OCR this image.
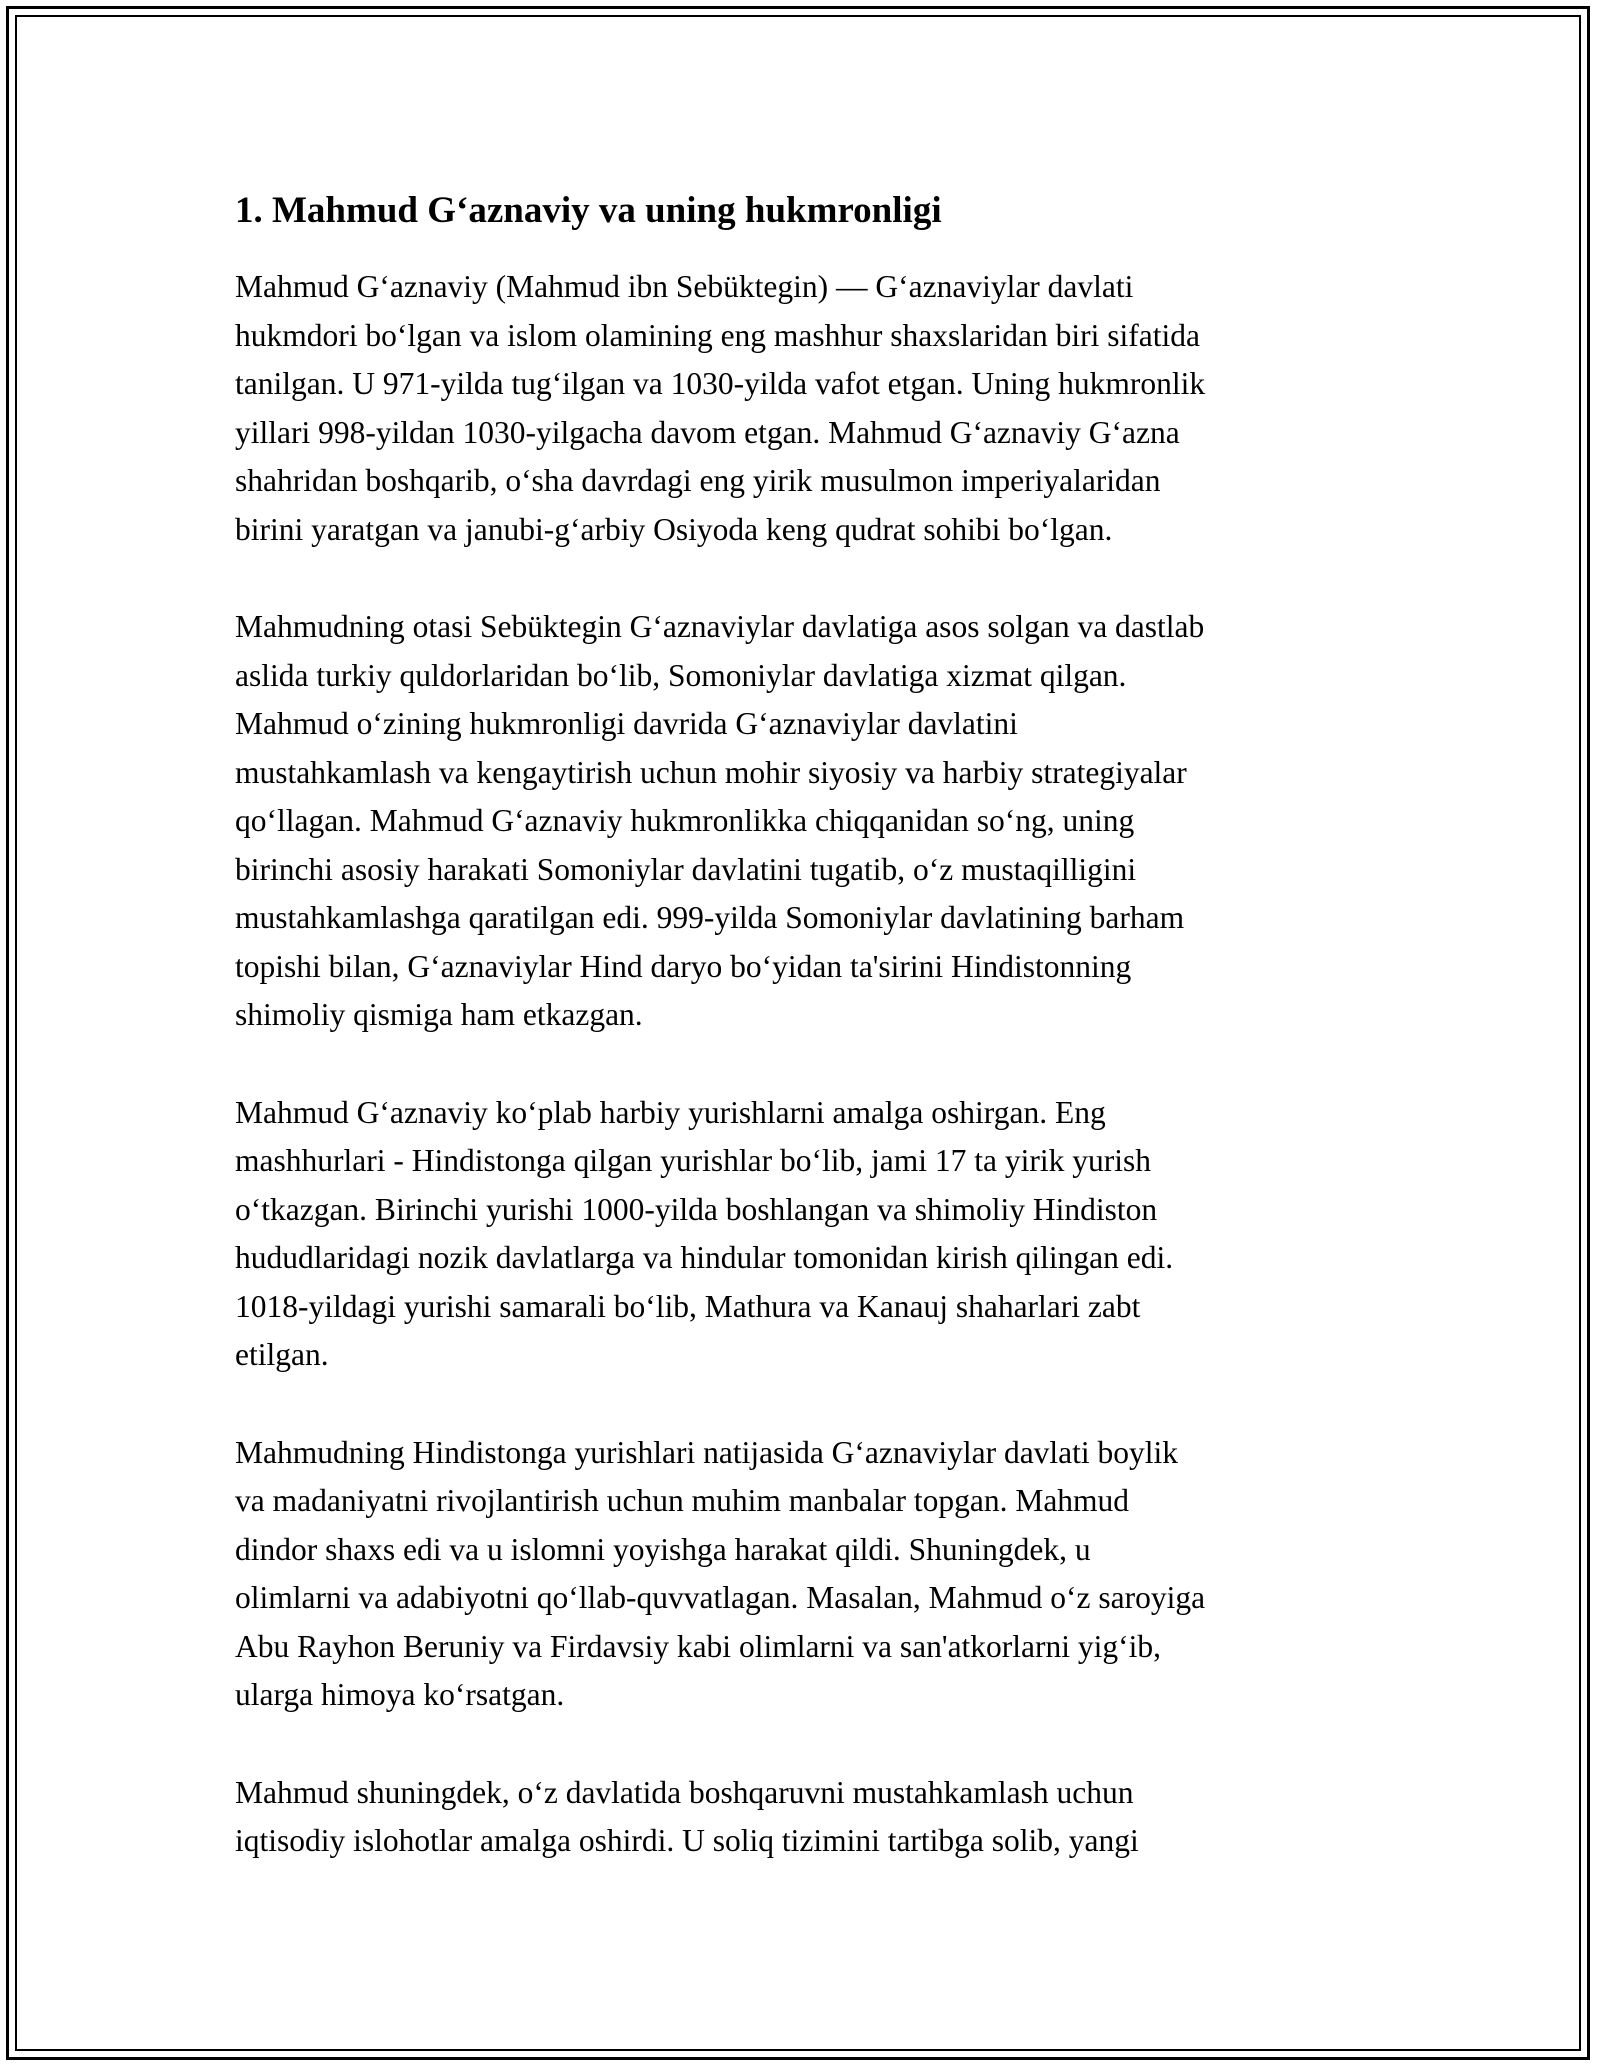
1. Mahmud G‘aznaviy va uning hukmronligi

Mahmud G‘aznaviy (Mahmud ibn Sebüktegin) — G‘aznaviylar davlati
hukmdori bo‘lgan va islom olamining eng mashhur shaxslaridan biri sifatida
tanilgan. U 971-yilda tug‘ilgan va 1030-yilda vafot etgan. Uning hukmronlik
yillari 998-yildan 1030-yilgacha davom etgan. Mahmud G‘aznaviy G‘azna
shahridan boshqarib, o‘sha davrdagi eng yirik musulmon imperiyalaridan
birini yaratgan va janubi-g‘arbiy Osiyoda keng qudrat sohibi bo‘lgan.

Mahmudning otasi Sebüktegin G‘aznaviylar davlatiga asos solgan va dastlab
aslida turkiy quldorlaridan bo‘lib, Somoniylar davlatiga xizmat qilgan.
Mahmud o‘zining hukmronligi davrida G‘aznaviylar davlatini
mustahkamlash va kengaytirish uchun mohir siyosiy va harbiy strategiyalar
qo‘llagan. Mahmud G‘aznaviy hukmronlikka chiqqanidan so‘ng, uning
birinchi asosiy harakati Somoniylar davlatini tugatib, o‘z mustaqilligini
mustahkamlashga qaratilgan edi. 999-yilda Somoniylar davlatining barham
topishi bilan, G‘aznaviylar Hind daryo bo‘yidan ta'sirini Hindistonning
shimoliy qismiga ham etkazgan.

Mahmud G‘aznaviy ko‘plab harbiy yurishlarni amalga oshirgan. Eng
mashhurlari - Hindistonga qilgan yurishlar bo‘lib, jami 17 ta yirik yurish
o‘tkazgan. Birinchi yurishi 1000-yilda boshlangan va shimoliy Hindiston
hududlaridagi nozik davlatlarga va hindular tomonidan kirish qilingan edi.
1018-yildagi yurishi samarali bo‘lib, Mathura va Kanauj shaharlari zabt
etilgan.

Mahmudning Hindistonga yurishlari natijasida G‘aznaviylar davlati boylik
va madaniyatni rivojlantirish uchun muhim manbalar topgan. Mahmud
dindor shaxs edi va u islomni yoyishga harakat qildi. Shuningdek, u
olimlarni va adabiyotni qo‘llab-quvvatlagan. Masalan, Mahmud o‘z saroyiga
Abu Rayhon Beruniy va Firdavsiy kabi olimlarni va san'atkorlarni yig‘ib,
ularga himoya ko‘rsatgan.

Mahmud shuningdek, o‘z davlatida boshqaruvni mustahkamlash uchun
iqtisodiy islohotlar amalga oshirdi. U soliq tizimini tartibga solib, yangi
